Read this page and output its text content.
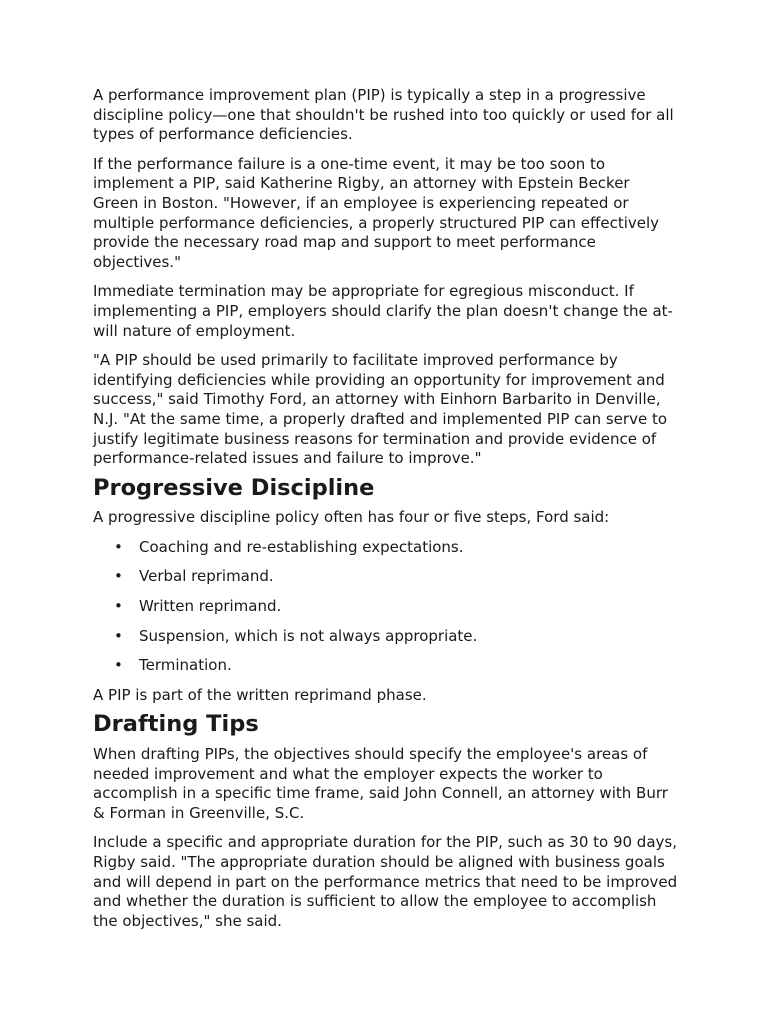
A performance improvement plan (PIP) is typically a step in a progressive discipline policy—one that shouldn't be rushed into too quickly or used for all types of performance deficiencies.

If the performance failure is a one-time event, it may be too soon to implement a PIP, said Katherine Rigby, an attorney with Epstein Becker Green in Boston. "However, if an employee is experiencing repeated or multiple performance deficiencies, a properly structured PIP can effectively provide the necessary road map and support to meet performance objectives."

Immediate termination may be appropriate for egregious misconduct. If implementing a PIP, employers should clarify the plan doesn't change the at-will nature of employment.

"A PIP should be used primarily to facilitate improved performance by identifying deficiencies while providing an opportunity for improvement and success," said Timothy Ford, an attorney with Einhorn Barbarito in Denville, N.J. "At the same time, a properly drafted and implemented PIP can serve to justify legitimate business reasons for termination and provide evidence of performance-related issues and failure to improve."

Progressive Discipline

A progressive discipline policy often has four or five steps, Ford said:

• Coaching and re-establishing expectations.
• Verbal reprimand.
• Written reprimand.
• Suspension, which is not always appropriate.
• Termination.

A PIP is part of the written reprimand phase.

Drafting Tips

When drafting PIPs, the objectives should specify the employee's areas of needed improvement and what the employer expects the worker to accomplish in a specific time frame, said John Connell, an attorney with Burr & Forman in Greenville, S.C.

Include a specific and appropriate duration for the PIP, such as 30 to 90 days, Rigby said. "The appropriate duration should be aligned with business goals and will depend in part on the performance metrics that need to be improved and whether the duration is sufficient to allow the employee to accomplish the objectives," she said.
